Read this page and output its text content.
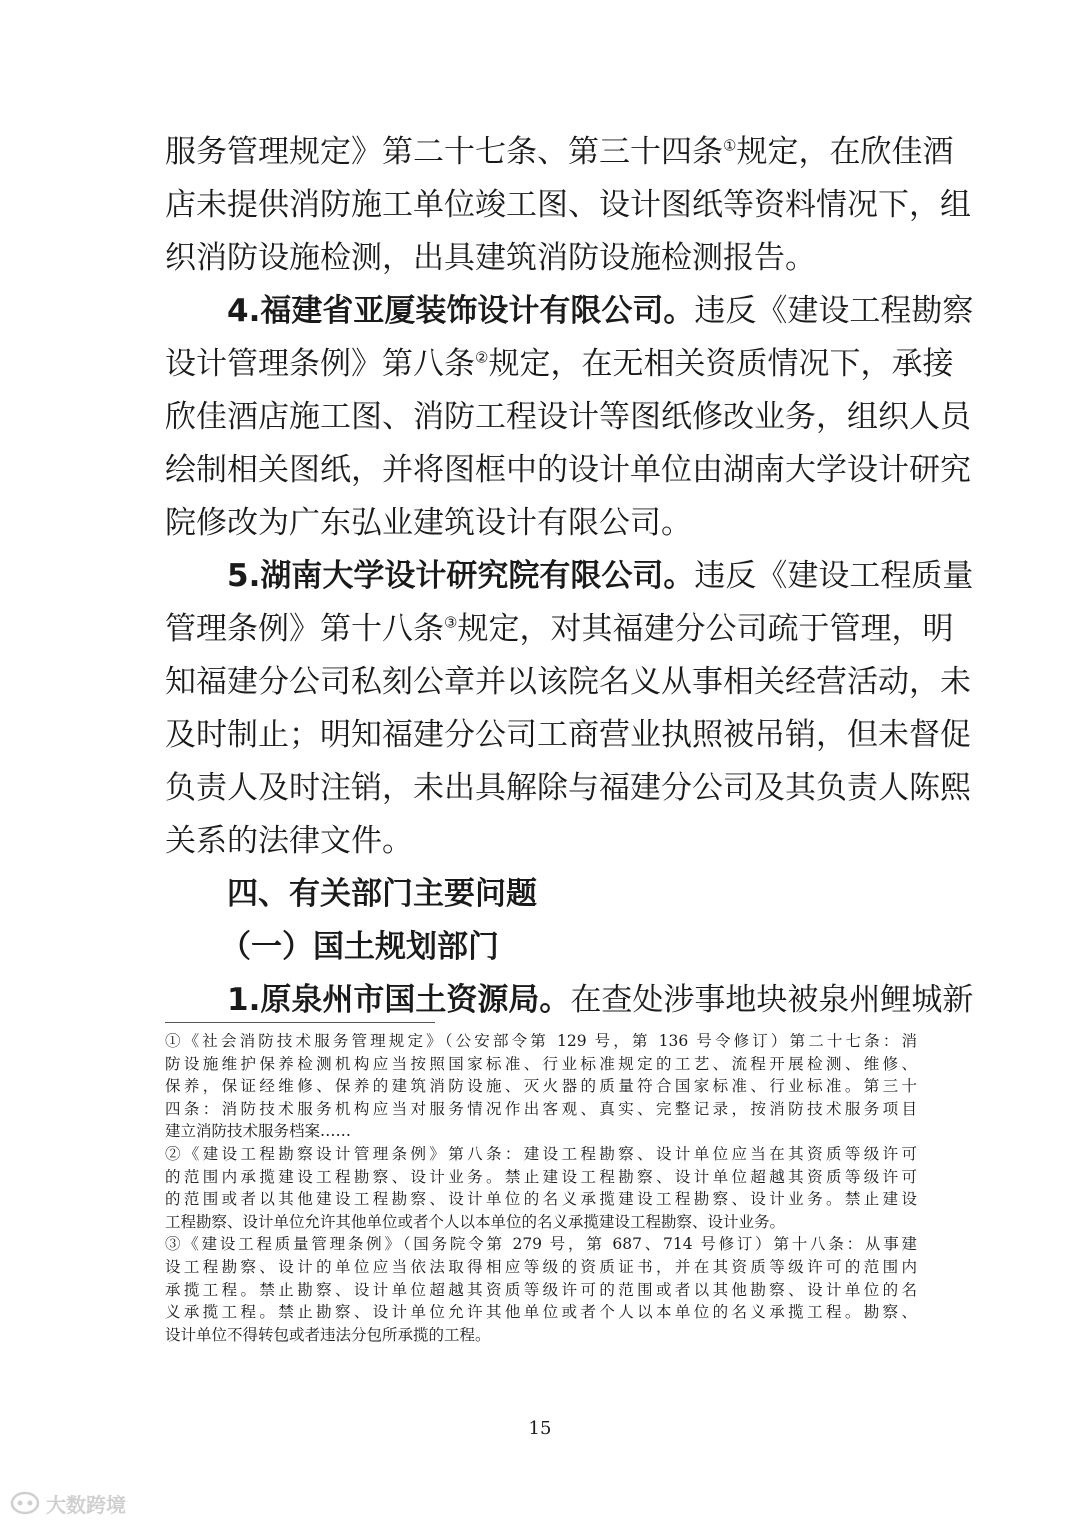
服务管理规定》第二十七条、第三十四条①规定，在欣佳酒
店未提供消防施工单位竣工图、设计图纸等资料情况下，组
织消防设施检测，出具建筑消防设施检测报告。
4.福建省亚厦装饰设计有限公司。违反《建设工程勘察
设计管理条例》第八条②规定，在无相关资质情况下，承接
欣佳酒店施工图、消防工程设计等图纸修改业务，组织人员
绘制相关图纸，并将图框中的设计单位由湖南大学设计研究
院修改为广东弘业建筑设计有限公司。
5.湖南大学设计研究院有限公司。违反《建设工程质量
管理条例》第十八条③规定，对其福建分公司疏于管理，明
知福建分公司私刻公章并以该院名义从事相关经营活动，未
及时制止；明知福建分公司工商营业执照被吊销，但未督促
负责人及时注销，未出具解除与福建分公司及其负责人陈熙
关系的法律文件。
四、有关部门主要问题
（一）国土规划部门
1.原泉州市国土资源局。在查处涉事地块被泉州鲤城新
①《社会消防技术服务管理规定》（公安部令第 129 号，第 136 号令修订）第二十七条：消
防设施维护保养检测机构应当按照国家标准、行业标准规定的工艺、流程开展检测、维修、
保养，保证经维修、保养的建筑消防设施、灭火器的质量符合国家标准、行业标准。第三十
四条：消防技术服务机构应当对服务情况作出客观、真实、完整记录，按消防技术服务项目
建立消防技术服务档案……
②《建设工程勘察设计管理条例》第八条：建设工程勘察、设计单位应当在其资质等级许可
的范围内承揽建设工程勘察、设计业务。禁止建设工程勘察、设计单位超越其资质等级许可
的范围或者以其他建设工程勘察、设计单位的名义承揽建设工程勘察、设计业务。禁止建设
工程勘察、设计单位允许其他单位或者个人以本单位的名义承揽建设工程勘察、设计业务。
③《建设工程质量管理条例》（国务院令第 279 号，第 687、714 号修订）第十八条：从事建
设工程勘察、设计的单位应当依法取得相应等级的资质证书，并在其资质等级许可的范围内
承揽工程。禁止勘察、设计单位超越其资质等级许可的范围或者以其他勘察、设计单位的名
义承揽工程。禁止勘察、设计单位允许其他单位或者个人以本单位的名义承揽工程。勘察、
设计单位不得转包或者违法分包所承揽的工程。
15
大数跨境
